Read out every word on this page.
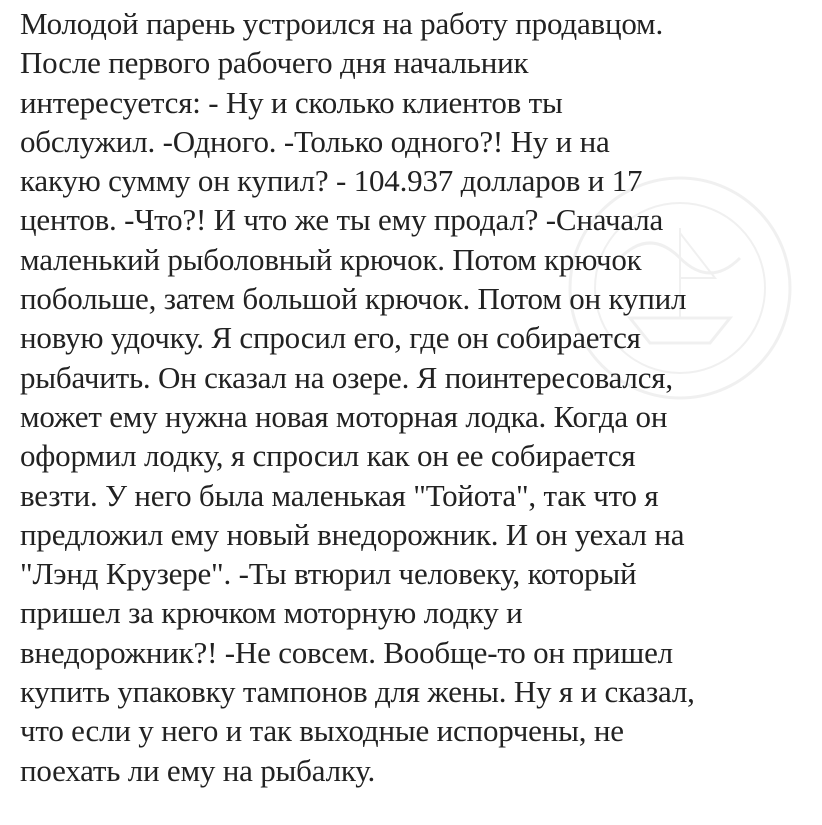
Молодой парень устроился на работу продавцом.
После первого рабочего дня начальник
интересуется: - Ну и сколько клиентов ты
обслужил. -Одного. -Только одного?! Ну и на
какую сумму он купил? - 104.937 долларов и 17
центов. -Что?! И что же ты ему продал? -Сначала
маленький рыболовный крючок. Потом крючок
побольше, затем большой крючок. Потом он купил
новую удочку. Я спросил его, где он собирается
рыбачить. Он сказал на озере. Я поинтересовался,
может ему нужна новая моторная лодка. Когда он
оформил лодку, я спросил как он ее собирается
везти. У него была маленькая "Тойота", так что я
предложил ему новый внедорожник. И он уехал на
"Лэнд Крузере". -Ты втюрил человеку, который
пришел за крючком моторную лодку и
внедорожник?! -Не совсем. Вообще-то он пришел
купить упаковку тампонов для жены. Ну я и сказал,
что если у него и так выходные испорчены, не
поехать ли ему на рыбалку.
